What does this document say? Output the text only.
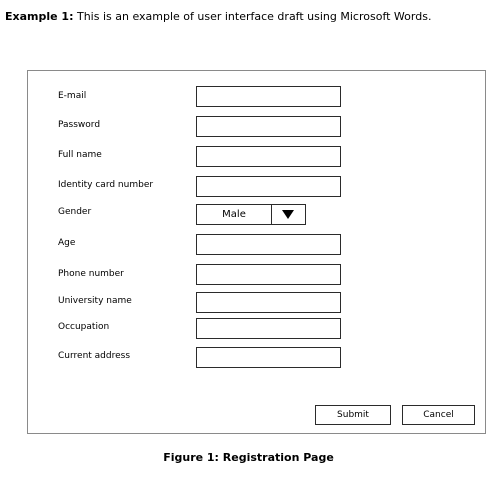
Example 1: This is an example of user interface draft using Microsoft Words.
E-mail
Password
Full name
Identity card number
Gender	Male
Age
Phone number
University name
Occupation
Current address
Submit	Cancel
Figure 1: Registration Page
